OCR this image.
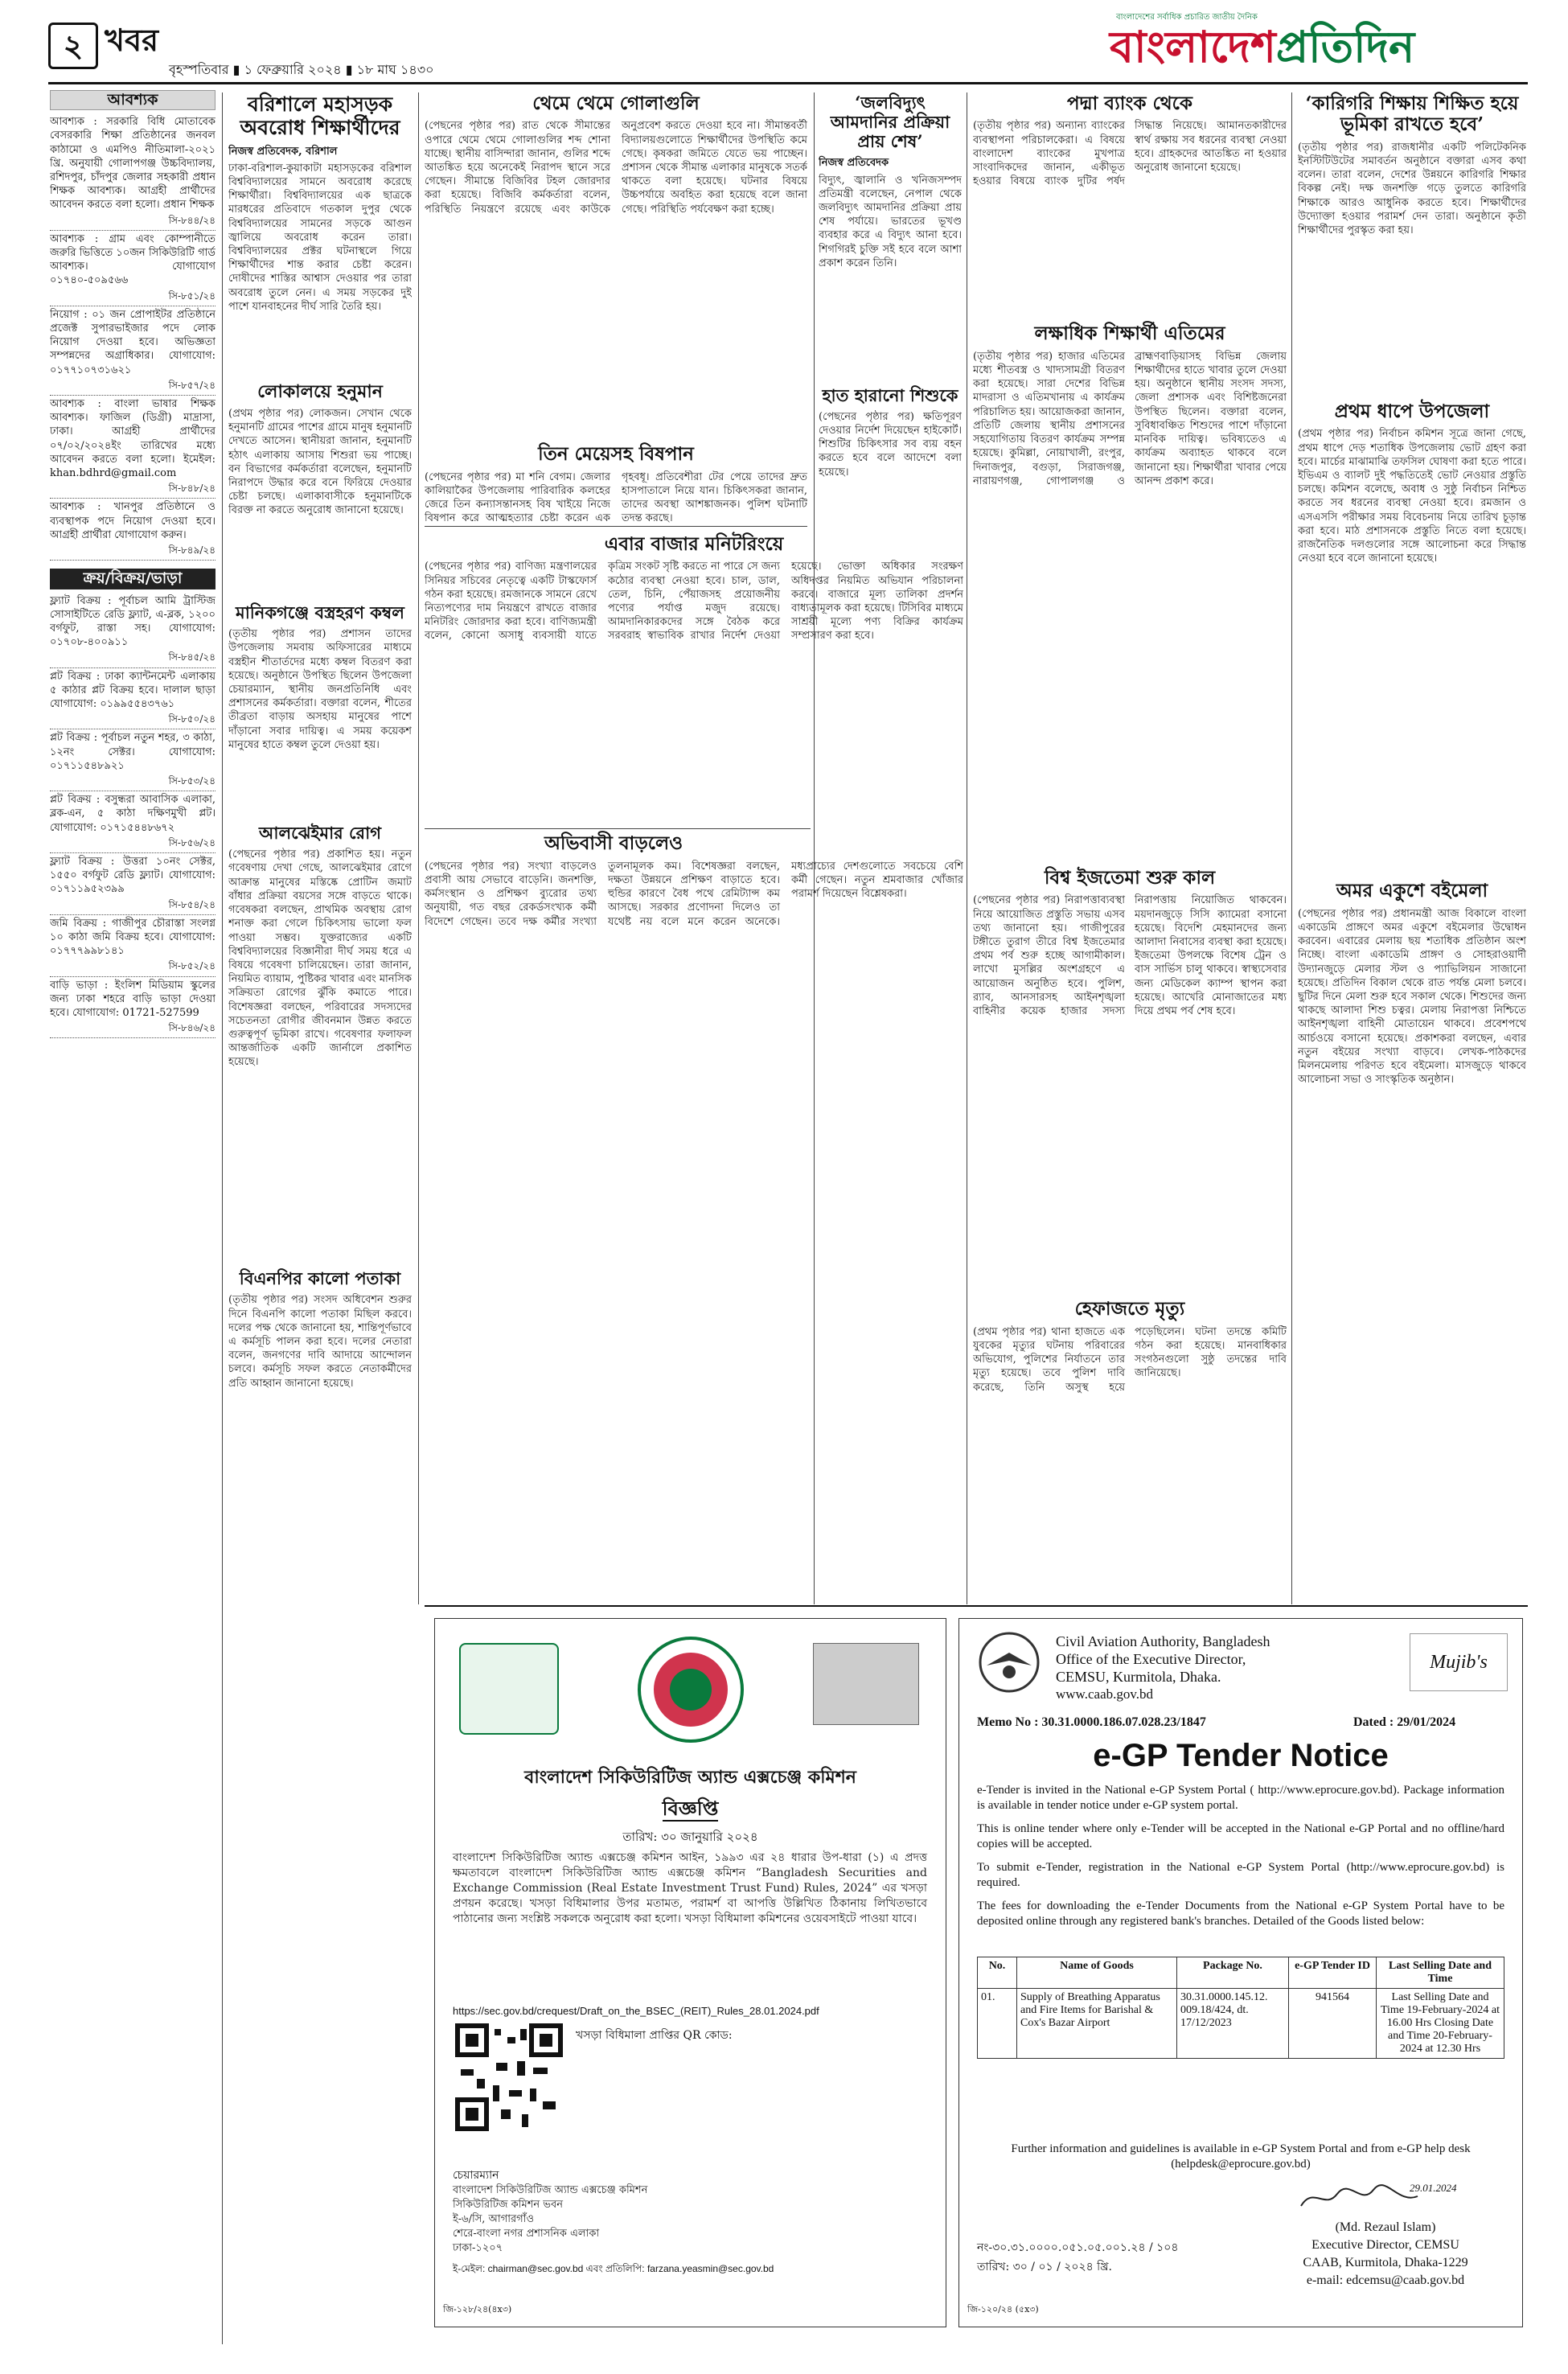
২ খবর
বৃহস্পতিবার ▮ ১ ফেব্রুয়ারি ২০২৪ ▮ ১৮ মাঘ ১৪৩০
বাংলাদেশের সর্বাধিক প্রচারিত জাতীয় দৈনিক
বাংলাদেশপ্রতিদিন
আবশ্যক

আবশ্যক : সরকারি বিধি মোতাবেক বেসরকারি শিক্ষা প্রতিষ্ঠানের জনবল কাঠামো ও এমপিও নীতিমালা-২০২১ খ্রি. অনুযায়ী গোলাপগঞ্জ উচ্চবিদ্যালয়, রশিদপুর, চাঁদপুর জেলার সহকারী প্রধান শিক্ষক আবশ্যক। আগ্রহী প্রার্থীদের আবেদন করতে বলা হলো। প্রধান শিক্ষক

সি-৮৪৪/২৪

আবশ্যক : গ্রাম এবং কোম্পানীতে জরুরি ভিত্তিতে ১০জন সিকিউরিটি গার্ড আবশ্যক। যোগাযোগ ০১৭৪০-৫০৯৫৬৬

সি-৮৫১/২৪

নিয়োগ : ০১ জন প্রোপাইটর প্রতিষ্ঠানে প্রজেক্ট সুপারভাইজার পদে লোক নিয়োগ দেওয়া হবে। অভিজ্ঞতা সম্পন্নদের অগ্রাধিকার। যোগাযোগ: ০১৭৭১০৭৩১৬২১

সি-৮৫৭/২৪

আবশ্যক : বাংলা ভাষার শিক্ষক আবশ্যক। ফাজিল (ডিগ্রী) মাদ্রাসা, ঢাকা। আগ্রহী প্রার্থীদের ০৭/০২/২০২৪ইং তারিখের মধ্যে আবেদন করতে বলা হলো। ইমেইল: khan.bdhrd@gmail.com

সি-৮৪৮/২৪

আবশ্যক : খানপুর প্রতিষ্ঠানে ও ব্যবস্থাপক পদে নিয়োগ দেওয়া হবে। আগ্রহী প্রার্থীরা যোগাযোগ করুন।

সি-৮৪৯/২৪
ক্রয়/বিক্রয়/ভাড়া

ফ্ল্যাট বিক্রয় : পূর্বাচল আমি ট্রাস্টিজ সোসাইটিতে রেডি ফ্ল্যাট, এ-ব্লক, ১২০০ বর্গফুট, রাস্তা সহ। যোগাযোগ: ০১৭০৮-৪০০৯১১

সি-৮৪৫/২৪

প্লট বিক্রয় : ঢাকা ক্যান্টনমেন্ট এলাকায় ৫ কাঠার প্লট বিক্রয় হবে। দালাল ছাড়া যোগাযোগ: ০১৯৯৫৫৪৩৭৬১

সি-৮৫০/২৪

প্লট বিক্রয় : পূর্বাচল নতুন শহর, ৩ কাঠা, ১২নং সেক্টর। যোগাযোগ: ০১৭১১৫৪৮৯২১

সি-৮৫৩/২৪

প্লট বিক্রয় : বসুন্ধরা আবাসিক এলাকা, ব্লক-এন, ৫ কাঠা দক্ষিণমুখী প্লট। যোগাযোগ: ০১৭১৫৪৪৮৬৭২

সি-৮৫৬/২৪

ফ্ল্যাট বিক্রয় : উত্তরা ১০নং সেক্টর, ১৫৫০ বর্গফুট রেডি ফ্ল্যাট। যোগাযোগ: ০১৭১১৯৫২৩৯৯

সি-৮৫৪/২৪

জমি বিক্রয় : গাজীপুর চৌরাস্তা সংলগ্ন ১০ কাঠা জমি বিক্রয় হবে। যোগাযোগ: ০১৭৭৭৯৯৮১৪১

সি-৮৫২/২৪

বাড়ি ভাড়া : ইংলিশ মিডিয়াম স্কুলের জন্য ঢাকা শহরে বাড়ি ভাড়া দেওয়া হবে। যোগাযোগ: 01721-527599

সি-৮৪৬/২৪
বরিশালে মহাসড়ক অবরোধ শিক্ষার্থীদের
নিজস্ব প্রতিবেদক, বরিশাল

ঢাকা-বরিশাল-কুয়াকাটা মহাসড়কের বরিশাল বিশ্ববিদ্যালয়ের সামনে অবরোধ করেছে শিক্ষার্থীরা। বিশ্ববিদ্যালয়ের এক ছাত্রকে মারধরের প্রতিবাদে গতকাল দুপুর থেকে বিশ্ববিদ্যালয়ের সামনের সড়কে আগুন জ্বালিয়ে অবরোধ করেন তারা। বিশ্ববিদ্যালয়ের প্রক্টর ঘটনাস্থলে গিয়ে শিক্ষার্থীদের শান্ত করার চেষ্টা করেন। দোষীদের শাস্তির আশ্বাস দেওয়ার পর তারা অবরোধ তুলে নেন। এ সময় সড়কের দুই পাশে যানবাহনের দীর্ঘ সারি তৈরি হয়।

লোকালয়ে হনুমান

(প্রথম পৃষ্ঠার পর) লোকজন। সেখান থেকে হনুমানটি গ্রামের পাশের গ্রামে মানুষ হনুমানটি দেখতে আসেন। স্থানীয়রা জানান, হনুমানটি হঠাৎ এলাকায় আসায় শিশুরা ভয় পাচ্ছে। বন বিভাগের কর্মকর্তারা বলেছেন, হনুমানটি নিরাপদে উদ্ধার করে বনে ফিরিয়ে দেওয়ার চেষ্টা চলছে। এলাকাবাসীকে হনুমানটিকে বিরক্ত না করতে অনুরোধ জানানো হয়েছে।

মানিকগঞ্জে বস্ত্রহরণ কম্বল

(তৃতীয় পৃষ্ঠার পর) প্রশাসন তাদের উপজেলায় সমবায় অফিসারের মাধ্যমে বস্ত্রহীন শীতার্তদের মধ্যে কম্বল বিতরণ করা হয়েছে। অনুষ্ঠানে উপস্থিত ছিলেন উপজেলা চেয়ারম্যান, স্থানীয় জনপ্রতিনিধি এবং প্রশাসনের কর্মকর্তারা। বক্তারা বলেন, শীতের তীব্রতা বাড়ায় অসহায় মানুষের পাশে দাঁড়ানো সবার দায়িত্ব। এ সময় কয়েকশ মানুষের হাতে কম্বল তুলে দেওয়া হয়।

আলঝেইমার রোগ

(পেছনের পৃষ্ঠার পর) প্রকাশিত হয়। নতুন গবেষণায় দেখা গেছে, আলঝেইমার রোগে আক্রান্ত মানুষের মস্তিষ্কে প্রোটিন জমাট বাঁধার প্রক্রিয়া বয়সের সঙ্গে বাড়তে থাকে। গবেষকরা বলছেন, প্রাথমিক অবস্থায় রোগ শনাক্ত করা গেলে চিকিৎসায় ভালো ফল পাওয়া সম্ভব। যুক্তরাজ্যের একটি বিশ্ববিদ্যালয়ের বিজ্ঞানীরা দীর্ঘ সময় ধরে এ বিষয়ে গবেষণা চালিয়েছেন। তারা জানান, নিয়মিত ব্যায়াম, পুষ্টিকর খাবার এবং মানসিক সক্রিয়তা রোগের ঝুঁকি কমাতে পারে। বিশেষজ্ঞরা বলছেন, পরিবারের সদস্যদের সচেতনতা রোগীর জীবনমান উন্নত করতে গুরুত্বপূর্ণ ভূমিকা রাখে। গবেষণার ফলাফল আন্তর্জাতিক একটি জার্নালে প্রকাশিত হয়েছে।

বিএনপির কালো পতাকা

(তৃতীয় পৃষ্ঠার পর) সংসদ অধিবেশন শুরুর দিনে বিএনপি কালো পতাকা মিছিল করবে। দলের পক্ষ থেকে জানানো হয়, শান্তিপূর্ণভাবে এ কর্মসূচি পালন করা হবে। দলের নেতারা বলেন, জনগণের দাবি আদায়ে আন্দোলন চলবে। কর্মসূচি সফল করতে নেতাকর্মীদের প্রতি আহ্বান জানানো হয়েছে।

থেমে থেমে গোলাগুলি

(পেছনের পৃষ্ঠার পর) রাত থেকে সীমান্তের ওপারে থেমে থেমে গোলাগুলির শব্দ শোনা যাচ্ছে। স্থানীয় বাসিন্দারা জানান, গুলির শব্দে আতঙ্কিত হয়ে অনেকেই নিরাপদ স্থানে সরে গেছেন। সীমান্তে বিজিবির টহল জোরদার করা হয়েছে। বিজিবি কর্মকর্তারা বলেন, পরিস্থিতি নিয়ন্ত্রণে রয়েছে এবং কাউকে অনুপ্রবেশ করতে দেওয়া হবে না। সীমান্তবর্তী বিদ্যালয়গুলোতে শিক্ষার্থীদের উপস্থিতি কমে গেছে। কৃষকরা জমিতে যেতে ভয় পাচ্ছেন। প্রশাসন থেকে সীমান্ত এলাকার মানুষকে সতর্ক থাকতে বলা হয়েছে। ঘটনার বিষয়ে উচ্চপর্যায়ে অবহিত করা হয়েছে বলে জানা গেছে। পরিস্থিতি পর্যবেক্ষণ করা হচ্ছে।

তিন মেয়েসহ বিষপান

(পেছনের পৃষ্ঠার পর) মা শনি বেগম। জেলার কালিয়াকৈর উপজেলায় পারিবারিক কলহের জেরে তিন কন্যাসন্তানসহ বিষ খাইয়ে নিজে বিষপান করে আত্মহত্যার চেষ্টা করেন এক গৃহবধূ। প্রতিবেশীরা টের পেয়ে তাদের দ্রুত হাসপাতালে নিয়ে যান। চিকিৎসকরা জানান, তাদের অবস্থা আশঙ্কাজনক। পুলিশ ঘটনাটি তদন্ত করছে।

এবার বাজার মনিটরিংয়ে

(পেছনের পৃষ্ঠার পর) বাণিজ্য মন্ত্রণালয়ের সিনিয়র সচিবের নেতৃত্বে একটি টাস্কফোর্স গঠন করা হয়েছে। রমজানকে সামনে রেখে নিত্যপণ্যের দাম নিয়ন্ত্রণে রাখতে বাজার মনিটরিং জোরদার করা হবে। বাণিজ্যমন্ত্রী বলেন, কোনো অসাধু ব্যবসায়ী যাতে কৃত্রিম সংকট সৃষ্টি করতে না পারে সে জন্য কঠোর ব্যবস্থা নেওয়া হবে। চাল, ডাল, তেল, চিনি, পেঁয়াজসহ প্রয়োজনীয় পণ্যের পর্যাপ্ত মজুদ রয়েছে। আমদানিকারকদের সঙ্গে বৈঠক করে সরবরাহ স্বাভাবিক রাখার নির্দেশ দেওয়া হয়েছে। ভোক্তা অধিকার সংরক্ষণ অধিদপ্তর নিয়মিত অভিযান পরিচালনা করবে। বাজারে মূল্য তালিকা প্রদর্শন বাধ্যতামূলক করা হয়েছে। টিসিবির মাধ্যমে সাশ্রয়ী মূল্যে পণ্য বিক্রির কার্যক্রম সম্প্রসারণ করা হবে।

অভিবাসী বাড়লেও

(পেছনের পৃষ্ঠার পর) সংখ্যা বাড়লেও প্রবাসী আয় সেভাবে বাড়েনি। জনশক্তি, কর্মসংস্থান ও প্রশিক্ষণ ব্যুরোর তথ্য অনুযায়ী, গত বছর রেকর্ডসংখ্যক কর্মী বিদেশে গেছেন। তবে দক্ষ কর্মীর সংখ্যা তুলনামূলক কম। বিশেষজ্ঞরা বলছেন, দক্ষতা উন্নয়নে প্রশিক্ষণ বাড়াতে হবে। হুন্ডির কারণে বৈধ পথে রেমিট্যান্স কম আসছে। সরকার প্রণোদনা দিলেও তা যথেষ্ট নয় বলে মনে করেন অনেকে। মধ্যপ্রাচ্যের দেশগুলোতে সবচেয়ে বেশি কর্মী গেছেন। নতুন শ্রমবাজার খোঁজার পরামর্শ দিয়েছেন বিশ্লেষকরা।

‘জলবিদ্যুৎ আমদানির প্রক্রিয়া প্রায় শেষ’
নিজস্ব প্রতিবেদক

বিদ্যুৎ, জ্বালানি ও খনিজসম্পদ প্রতিমন্ত্রী বলেছেন, নেপাল থেকে জলবিদ্যুৎ আমদানির প্রক্রিয়া প্রায় শেষ পর্যায়ে। ভারতের ভূখণ্ড ব্যবহার করে এ বিদ্যুৎ আনা হবে। শিগগিরই চুক্তি সই হবে বলে আশা প্রকাশ করেন তিনি।

হাত হারানো শিশুকে

(পেছনের পৃষ্ঠার পর) ক্ষতিপূরণ দেওয়ার নির্দেশ দিয়েছেন হাইকোর্ট। শিশুটির চিকিৎসার সব ব্যয় বহন করতে হবে বলে আদেশে বলা হয়েছে।

পদ্মা ব্যাংক থেকে

(তৃতীয় পৃষ্ঠার পর) অন্যান্য ব্যাংকের ব্যবস্থাপনা পরিচালকেরা। এ বিষয়ে বাংলাদেশ ব্যাংকের মুখপাত্র সাংবাদিকদের জানান, একীভূত হওয়ার বিষয়ে ব্যাংক দুটির পর্ষদ সিদ্ধান্ত নিয়েছে। আমানতকারীদের স্বার্থ রক্ষায় সব ধরনের ব্যবস্থা নেওয়া হবে। গ্রাহকদের আতঙ্কিত না হওয়ার অনুরোধ জানানো হয়েছে।

লক্ষাধিক শিক্ষার্থী এতিমের

(তৃতীয় পৃষ্ঠার পর) হাজার এতিমের মধ্যে শীতবস্ত্র ও খাদ্যসামগ্রী বিতরণ করা হয়েছে। সারা দেশের বিভিন্ন মাদরাসা ও এতিমখানায় এ কার্যক্রম পরিচালিত হয়। আয়োজকরা জানান, প্রতিটি জেলায় স্থানীয় প্রশাসনের সহযোগিতায় বিতরণ কার্যক্রম সম্পন্ন হয়েছে। কুমিল্লা, নোয়াখালী, রংপুর, দিনাজপুর, বগুড়া, সিরাজগঞ্জ, নারায়ণগঞ্জ, গোপালগঞ্জ ও ব্রাহ্মণবাড়িয়াসহ বিভিন্ন জেলায় শিক্ষার্থীদের হাতে খাবার তুলে দেওয়া হয়। অনুষ্ঠানে স্থানীয় সংসদ সদস্য, জেলা প্রশাসক এবং বিশিষ্টজনেরা উপস্থিত ছিলেন। বক্তারা বলেন, সুবিধাবঞ্চিত শিশুদের পাশে দাঁড়ানো মানবিক দায়িত্ব। ভবিষ্যতেও এ কার্যক্রম অব্যাহত থাকবে বলে জানানো হয়। শিক্ষার্থীরা খাবার পেয়ে আনন্দ প্রকাশ করে।

বিশ্ব ইজতেমা শুরু কাল

(পেছনের পৃষ্ঠার পর) নিরাপত্তাব্যবস্থা নিয়ে আয়োজিত প্রস্তুতি সভায় এসব তথ্য জানানো হয়। গাজীপুরের টঙ্গীতে তুরাগ তীরে বিশ্ব ইজতেমার প্রথম পর্ব শুরু হচ্ছে আগামীকাল। লাখো মুসল্লির অংশগ্রহণে এ আয়োজন অনুষ্ঠিত হবে। পুলিশ, র‍্যাব, আনসারসহ আইনশৃঙ্খলা বাহিনীর কয়েক হাজার সদস্য নিরাপত্তায় নিয়োজিত থাকবেন। ময়দানজুড়ে সিসি ক্যামেরা বসানো হয়েছে। বিদেশি মেহমানদের জন্য আলাদা নিবাসের ব্যবস্থা করা হয়েছে। ইজতেমা উপলক্ষে বিশেষ ট্রেন ও বাস সার্ভিস চালু থাকবে। স্বাস্থ্যসেবার জন্য মেডিকেল ক্যাম্প স্থাপন করা হয়েছে। আখেরি মোনাজাতের মধ্য দিয়ে প্রথম পর্ব শেষ হবে।

হেফাজতে মৃত্যু

(প্রথম পৃষ্ঠার পর) থানা হাজতে এক যুবকের মৃত্যুর ঘটনায় পরিবারের অভিযোগ, পুলিশের নির্যাতনে তার মৃত্যু হয়েছে। তবে পুলিশ দাবি করেছে, তিনি অসুস্থ হয়ে পড়েছিলেন। ঘটনা তদন্তে কমিটি গঠন করা হয়েছে। মানবাধিকার সংগঠনগুলো সুষ্ঠু তদন্তের দাবি জানিয়েছে।

‘কারিগরি শিক্ষায় শিক্ষিত হয়ে ভূমিকা রাখতে হবে’

(তৃতীয় পৃষ্ঠার পর) রাজধানীর একটি পলিটেকনিক ইনস্টিটিউটের সমাবর্তন অনুষ্ঠানে বক্তারা এসব কথা বলেন। তারা বলেন, দেশের উন্নয়নে কারিগরি শিক্ষার বিকল্প নেই। দক্ষ জনশক্তি গড়ে তুলতে কারিগরি শিক্ষাকে আরও আধুনিক করতে হবে। শিক্ষার্থীদের উদ্যোক্তা হওয়ার পরামর্শ দেন তারা। অনুষ্ঠানে কৃতী শিক্ষার্থীদের পুরস্কৃত করা হয়।

প্রথম ধাপে উপজেলা

(প্রথম পৃষ্ঠার পর) নির্বাচন কমিশন সূত্রে জানা গেছে, প্রথম ধাপে দেড় শতাধিক উপজেলায় ভোট গ্রহণ করা হবে। মার্চের মাঝামাঝি তফসিল ঘোষণা করা হতে পারে। ইভিএম ও ব্যালট দুই পদ্ধতিতেই ভোট নেওয়ার প্রস্তুতি চলছে। কমিশন বলেছে, অবাধ ও সুষ্ঠু নির্বাচন নিশ্চিত করতে সব ধরনের ব্যবস্থা নেওয়া হবে। রমজান ও এসএসসি পরীক্ষার সময় বিবেচনায় নিয়ে তারিখ চূড়ান্ত করা হবে। মাঠ প্রশাসনকে প্রস্তুতি নিতে বলা হয়েছে। রাজনৈতিক দলগুলোর সঙ্গে আলোচনা করে সিদ্ধান্ত নেওয়া হবে বলে জানানো হয়েছে।

অমর একুশে বইমেলা

(পেছনের পৃষ্ঠার পর) প্রধানমন্ত্রী আজ বিকালে বাংলা একাডেমি প্রাঙ্গণে অমর একুশে বইমেলার উদ্বোধন করবেন। এবারের মেলায় ছয় শতাধিক প্রতিষ্ঠান অংশ নিচ্ছে। বাংলা একাডেমি প্রাঙ্গণ ও সোহরাওয়ার্দী উদ্যানজুড়ে মেলার স্টল ও প্যাভিলিয়ন সাজানো হয়েছে। প্রতিদিন বিকাল থেকে রাত পর্যন্ত মেলা চলবে। ছুটির দিনে মেলা শুরু হবে সকাল থেকে। শিশুদের জন্য থাকছে আলাদা শিশু চত্বর। মেলায় নিরাপত্তা নিশ্চিতে আইনশৃঙ্খলা বাহিনী মোতায়েন থাকবে। প্রবেশপথে আর্চওয়ে বসানো হয়েছে। প্রকাশকরা বলছেন, এবার নতুন বইয়ের সংখ্যা বাড়বে। লেখক-পাঠকদের মিলনমেলায় পরিণত হবে বইমেলা। মাসজুড়ে থাকবে আলোচনা সভা ও সাংস্কৃতিক অনুষ্ঠান।

বাংলাদেশ সিকিউরিটিজ অ্যান্ড এক্সচেঞ্জ কমিশন
বিজ্ঞপ্তি
তারিখ: ৩০ জানুয়ারি ২০২৪

বাংলাদেশ সিকিউরিটিজ অ্যান্ড এক্সচেঞ্জ কমিশন আইন, ১৯৯৩ এর ২৪ ধারার উপ-ধারা (১) এ প্রদত্ত ক্ষমতাবলে বাংলাদেশ সিকিউরিটিজ অ্যান্ড এক্সচেঞ্জ কমিশন “Bangladesh Securities and Exchange Commission (Real Estate Investment Trust Fund) Rules, 2024” এর খসড়া প্রণয়ন করেছে। খসড়া বিধিমালার উপর মতামত, পরামর্শ বা আপত্তি উল্লিখিত ঠিকানায় লিখিতভাবে পাঠানোর জন্য সংশ্লিষ্ট সকলকে অনুরোধ করা হলো। খসড়া বিধিমালা কমিশনের ওয়েবসাইটে পাওয়া যাবে।

https://sec.gov.bd/crequest/Draft_on_the_BSEC_(REIT)_Rules_28.01.2024.pdf
খসড়া বিধিমালা প্রাপ্তির QR কোড:
চেয়ারম্যান
বাংলাদেশ সিকিউরিটিজ অ্যান্ড এক্সচেঞ্জ কমিশন
সিকিউরিটিজ কমিশন ভবন
ই-৬/সি, আগারগাঁও
শেরে-বাংলা নগর প্রশাসনিক এলাকা
ঢাকা-১২০৭
ই-মেইল: chairman@sec.gov.bd এবং প্রতিলিপি: farzana.yeasmin@sec.gov.bd
জি-১২৮/২৪(৪x৩)
Civil Aviation Authority, Bangladesh
Office of the Executive Director,
CEMSU, Kurmitola, Dhaka.
www.caab.gov.bd
Mujib's
Memo No : 30.31.0000.186.07.028.23/1847	Dated : 29/01/2024
e-GP Tender Notice

e-Tender is invited in the National e-GP System Portal ( http://www.eprocure.gov.bd). Package information is available in tender notice under e-GP system portal.

This is online tender where only e-Tender will be accepted in the National e-GP Portal and no offline/hard copies will be accepted.

To submit e-Tender, registration in the National e-GP System Portal (http://www.eprocure.gov.bd) is required.

The fees for downloading the e-Tender Documents from the National e-GP System Portal have to be deposited online through any registered bank's branches. Detailed of the Goods listed below:

No.	Name of Goods	Package No.	e-GP Tender ID	Last Selling Date and Time
01.	Supply of Breathing Apparatus and Fire Items for Barishal & Cox's Bazar Airport	30.31.0000.145.12. 009.18/424, dt. 17/12/2023	941564	Last Selling Date and Time 19-February-2024 at 16.00 Hrs Closing Date and Time 20-February-2024 at 12.30 Hrs

Further information and guidelines is available in e-GP System Portal and from e-GP help desk (helpdesk@eprocure.gov.bd)

29.01.2024
(Md. Rezaul Islam)
Executive Director, CEMSU
CAAB, Kurmitola, Dhaka-1229
e-mail: edcemsu@caab.gov.bd
নং-৩০.৩১.০০০০.০৫১.০৫.০০১.২৪ / ১০৪
তারিখ: ৩০ / ০১ / ২০২৪ খ্রি.
জি-১২০/২৪ (৫x৩)
